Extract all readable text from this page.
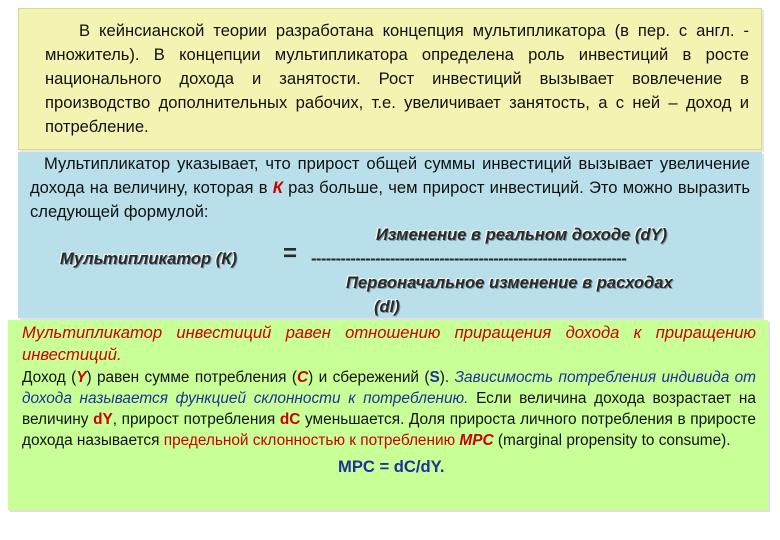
В кейнсианской теории разработана концепция мультипликатора (в пер. с англ. - множитель). В концепции мультипликатора определена роль инвестиций в росте национального дохода и занятости. Рост инвестиций вызывает вовлечение в производство дополнительных рабочих, т.е. увеличивает занятость, а с ней – доход и потребление.

Мультипликатор указывает, что прирост общей суммы инвестиций вызывает увеличение дохода на величину, которая в К раз больше, чем прирост инвестиций. Это можно выразить следующей формулой:

Изменение в реальном доходе (dY)
Мультипликатор (К) = ----------------------------------------------------------------
Первоначальное изменение в расходах
(dI)

Мультипликатор инвестиций равен отношению приращения дохода к приращению инвестиций.

Доход (Y) равен сумме потребления (С) и сбережений (S). Зависимость потребления индивида от дохода называется функцией склонности к потреблению. Если величина дохода возрастает на величину dY, прирост потребления dC уменьшается. Доля прироста личного потребления в приросте дохода называется предельной склонностью к потреблению MPC (marginal propensity to consume).

MPC = dC/dY.
